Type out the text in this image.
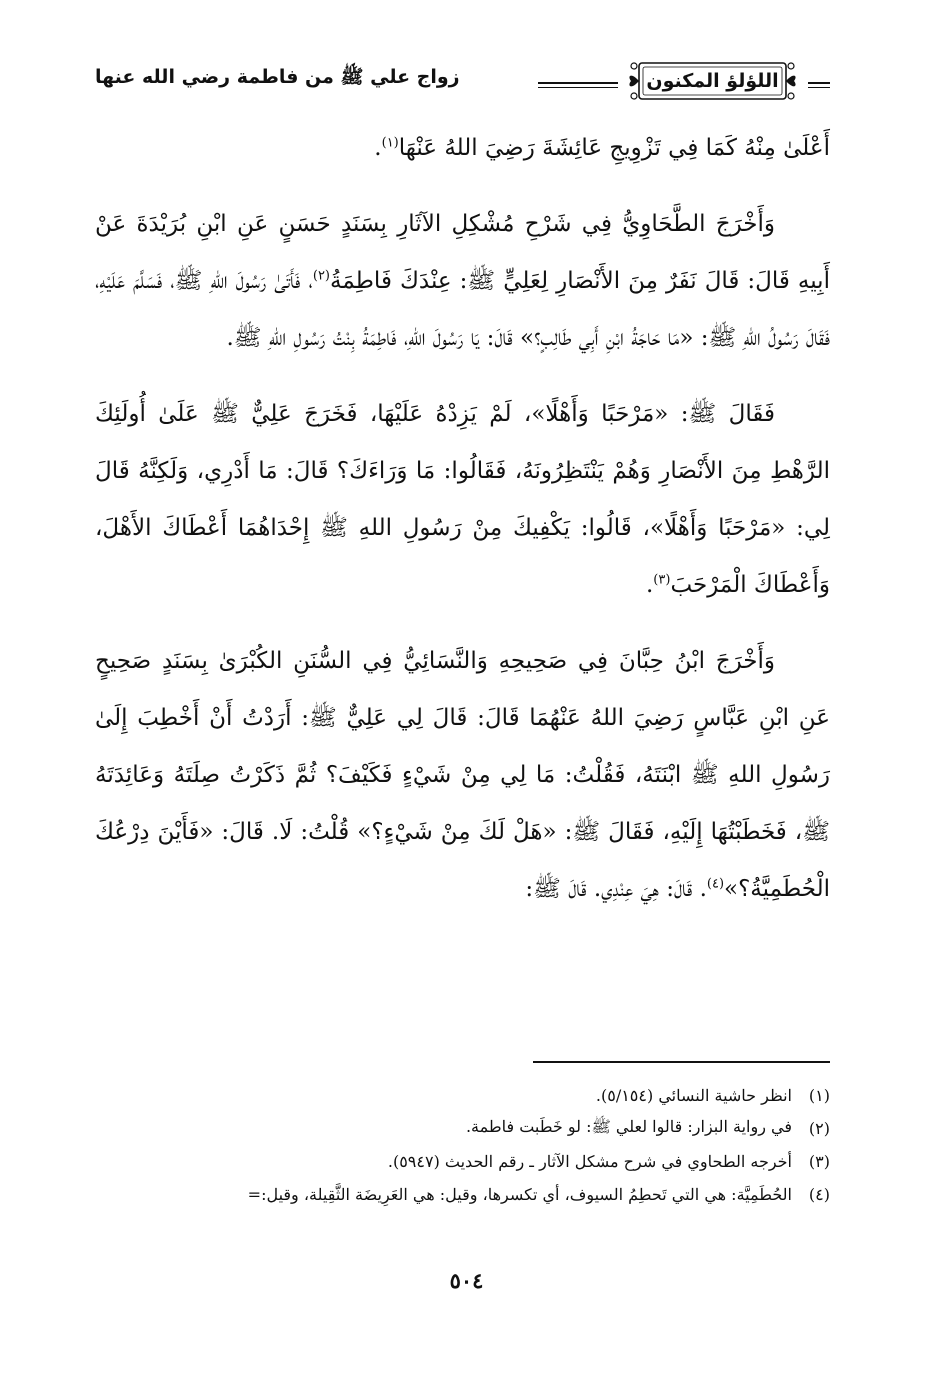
اللؤلؤ المكنون
زواج علي ﷺ من فاطمة رضي الله عنها

أَعْلَىٰ مِنْهُ كَمَا فِي تَزْوِيجِ عَائِشَةَ رَضِيَ اللهُ عَنْهَا$^{(١)}$.

وَأَخْرَجَ الطَّحَاوِيُّ فِي شَرْحِ مُشْكِلِ الآثَارِ بِسَنَدٍ حَسَنٍ عَنِ ابْنِ بُرَيْدَةَ عَنْ أَبِيهِ قَالَ: قَالَ نَفَرٌ مِنَ الأَنْصَارِ لِعَلِيٍّ ﷺ: عِنْدَكَ فَاطِمَةُ$^{(٢)}$، فَأَتَىٰ رَسُولَ اللهِ ﷺ، فَسَلَّمَ عَلَيْهِ، فَقَالَ رَسُولُ اللهِ ﷺ: «مَا حَاجَةُ ابْنِ أَبِي طَالِبٍ؟» قَالَ: يَا رَسُولَ اللهِ، فَاطِمَةُ بِنْتُ رَسُولِ اللهِ ﷺ.

فَقَالَ ﷺ: «مَرْحَبًا وَأَهْلًا»، لَمْ يَزِدْهُ عَلَيْهَا، فَخَرَجَ عَلِيٌّ ﷺ عَلَىٰ أُولَئِكَ الرَّهْطِ مِنَ الأَنْصَارِ وَهُمْ يَنْتَظِرُونَهُ، فَقَالُوا: مَا وَرَاءَكَ؟ قَالَ: مَا أَدْرِي، وَلَكِنَّهُ قَالَ لِي: «مَرْحَبًا وَأَهْلًا»، قَالُوا: يَكْفِيكَ مِنْ رَسُولِ اللهِ ﷺ إِحْدَاهُمَا أَعْطَاكَ الأَهْلَ، وَأَعْطَاكَ الْمَرْحَبَ$^{(٣)}$.

وَأَخْرَجَ ابْنُ حِبَّانَ فِي صَحِيحِهِ وَالنَّسَائِيُّ فِي السُّنَنِ الكُبْرَىٰ بِسَنَدٍ صَحِيحٍ عَنِ ابْنِ عَبَّاسٍ رَضِيَ اللهُ عَنْهُمَا قَالَ: قَالَ لِي عَلِيٌّ ﷺ: أَرَدْتُ أَنْ أَخْطِبَ إِلَىٰ رَسُولِ اللهِ ﷺ ابْنَتَهُ، فَقُلْتُ: مَا لِي مِنْ شَيْءٍ فَكَيْفَ؟ ثُمَّ ذَكَرْتُ صِلَتَهُ وَعَائِدَتَهُ ﷺ، فَخَطَبْتُهَا إِلَيْهِ، فَقَالَ ﷺ: «هَلْ لَكَ مِنْ شَيْءٍ؟» قُلْتُ: لَا. قَالَ: «فَأَيْنَ دِرْعُكَ الْحُطَمِيَّةُ؟»$^{(٤)}$. قَالَ: هِيَ عِنْدِي. قَالَ ﷺ:

(١)
انظر حاشية النسائي (٥/١٥٤).
(٢)
في رواية البزار: قالوا لعلي ﷺ: لو خَطَبت فاطمة.
(٣)
أخرجه الطحاوي في شرح مشكل الآثار ـ رقم الحديث (٥٩٤٧).
(٤)
الحُطَمِيَّة: هي التي تَحطِمُ السيوف، أي تكسرها، وقيل: هي العَرِيضَة الثَّقِيلة، وقيل:=
٥٠٤
